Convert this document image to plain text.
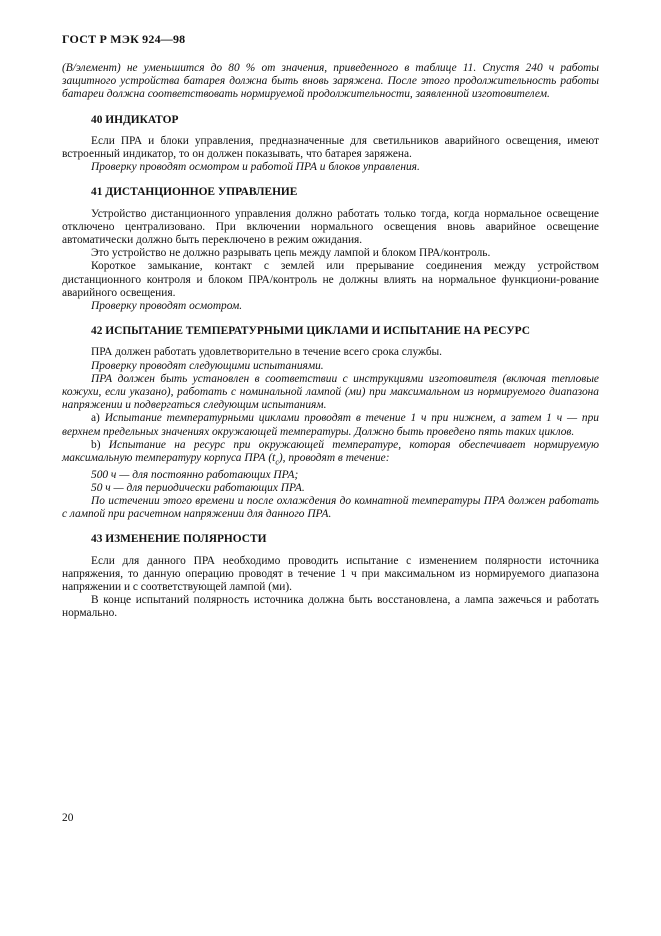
ГОСТ Р МЭК 924—98

(В/элемент) не уменьшится до 80 % от значения, приведенного в таблице 11. Спустя 240 ч работы защитного устройства батарея должна быть вновь заряжена. После этого продолжительность работы батареи должна соответствовать нормируемой продолжительности, заявленной изготовителем.

40 ИНДИКАТОР

Если ПРА и блоки управления, предназначенные для светильников аварийного освещения, имеют встроенный индикатор, то он должен показывать, что батарея заряжена.

Проверку проводят осмотром и работой ПРА и блоков управления.

41 ДИСТАНЦИОННОЕ УПРАВЛЕНИЕ

Устройство дистанционного управления должно работать только тогда, когда нормальное освещение отключено централизовано. При включении нормального освещения вновь аварийное освещение автоматически должно быть переключено в режим ожидания.

Это устройство не должно разрывать цепь между лампой и блоком ПРА/контроль.

Короткое замыкание, контакт с землей или прерывание соединения между устройством дистанционного контроля и блоком ПРА/контроль не должны влиять на нормальное функциони-рование аварийного освещения.

Проверку проводят осмотром.

42 ИСПЫТАНИЕ ТЕМПЕРАТУРНЫМИ ЦИКЛАМИ И ИСПЫТАНИЕ НА РЕСУРС

ПРА должен работать удовлетворительно в течение всего срока службы.

Проверку проводят следующими испытаниями.

ПРА должен быть установлен в соответствии с инструкциями изготовителя (включая тепловые кожухи, если указано), работать с номинальной лампой (ми) при максимальном из нормируемого диапазона напряжении и подвергаться следующим испытаниям.

а) Испытание температурными циклами проводят в течение 1 ч при нижнем, а затем 1 ч — при верхнем предельных значениях окружающей температуры. Должно быть проведено пять таких циклов.

b) Испытание на ресурс при окружающей температуре, которая обеспечивает нормируемую максимальную температуру корпуса ПРА $(t_c)$, проводят в течение:

500 ч — для постоянно работающих ПРА;

50 ч — для периодически работающих ПРА.

По истечении этого времени и после охлаждения до комнатной температуры ПРА должен работать с лампой при расчетном напряжении для данного ПРА.

43 ИЗМЕНЕНИЕ ПОЛЯРНОСТИ

Если для данного ПРА необходимо проводить испытание с изменением полярности источника напряжения, то данную операцию проводят в течение 1 ч при максимальном из нормируемого диапазона напряжении и с соответствующей лампой (ми).

В конце испытаний полярность источника должна быть восстановлена, а лампа зажечься и работать нормально.

20
